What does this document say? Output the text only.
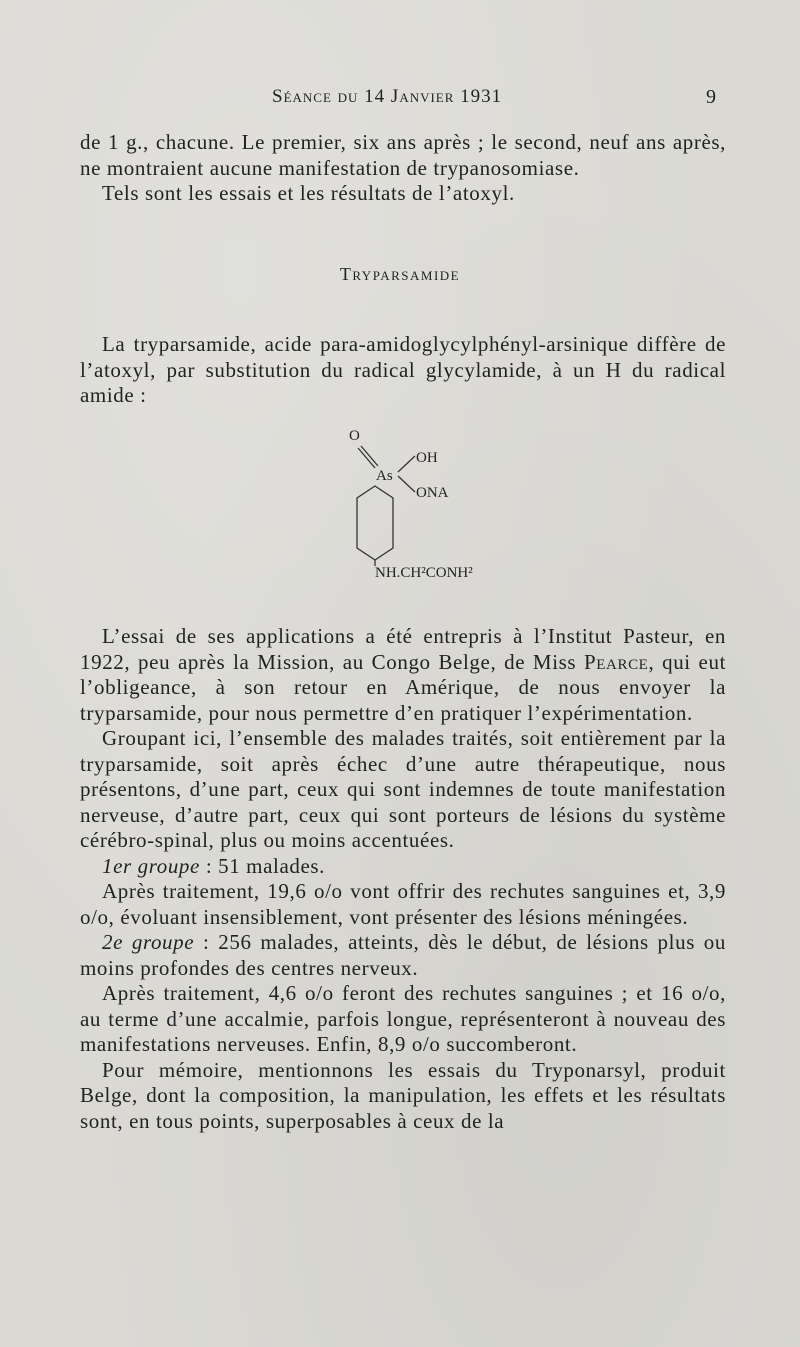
Séance du 14 Janvier 1931	9

de 1 g., chacune. Le premier, six ans après ; le second, neuf ans après, ne montraient aucune manifestation de trypanosomiase.

Tels sont les essais et les résultats de l’atoxyl.

Tryparsamide

La tryparsamide, acide para-amidoglycylphényl-arsinique diffère de l’atoxyl, par substitution du radical glycylamide, à un H du radical amide :

O
As
OH
ONA
NH.CH²CONH²

L’essai de ses applications a été entrepris à l’Institut Pasteur, en 1922, peu après la Mission, au Congo Belge, de Miss Pearce, qui eut l’obligeance, à son retour en Amérique, de nous envoyer la tryparsamide, pour nous permettre d’en pratiquer l’expérimentation.

Groupant ici, l’ensemble des malades traités, soit entièrement par la tryparsamide, soit après échec d’une autre thérapeutique, nous présentons, d’une part, ceux qui sont indemnes de toute manifestation nerveuse, d’autre part, ceux qui sont porteurs de lésions du système cérébro-spinal, plus ou moins accentuées.

1er groupe : 51 malades.

Après traitement, 19,6 o/o vont offrir des rechutes sanguines et, 3,9 o/o, évoluant insensiblement, vont présenter des lésions méningées.

2e groupe : 256 malades, atteints, dès le début, de lésions plus ou moins profondes des centres nerveux.

Après traitement, 4,6 o/o feront des rechutes sanguines ; et 16 o/o, au terme d’une accalmie, parfois longue, représenteront à nouveau des manifestations nerveuses. Enfin, 8,9 o/o succomberont.

Pour mémoire, mentionnons les essais du Tryponarsyl, produit Belge, dont la composition, la manipulation, les effets et les résultats sont, en tous points, superposables à ceux de la
